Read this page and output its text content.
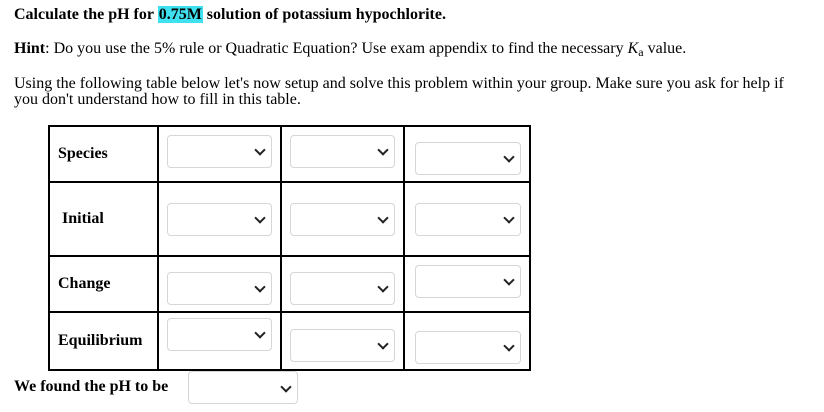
Calculate the pH for 0.75M solution of potassium hypochlorite.
Hint: Do you use the 5% rule or Quadratic Equation? Use exam appendix to find the necessary $K_a$ value.
Using the following table below let's now setup and solve this problem within your group. Make sure you ask for help if you don't understand how to fill in this table.
Species			

Initial			

Change			

Equilibrium			

We found the pH to be
